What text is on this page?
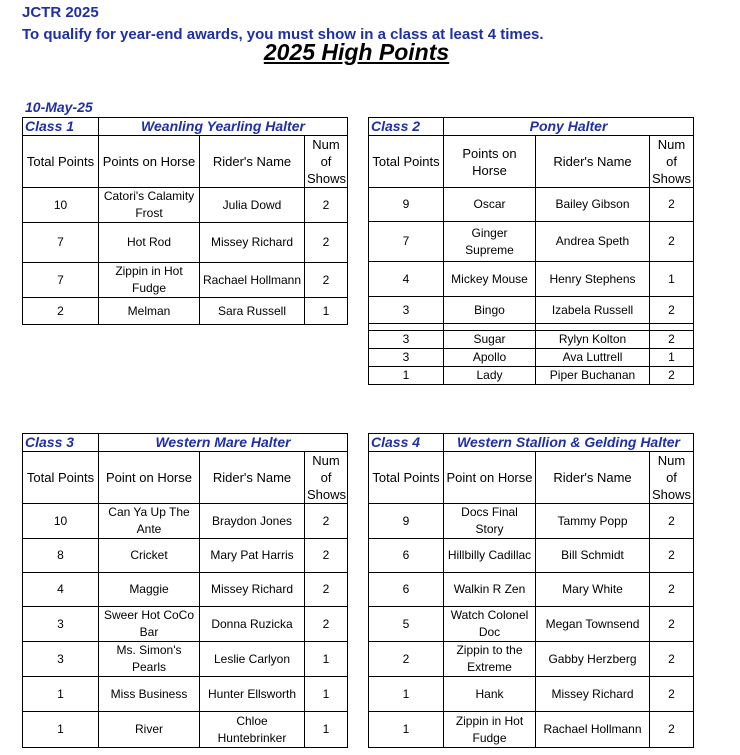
JCTR 2025
To qualify for year-end awards, you must show in a class at least 4 times.
2025 High Points
10-May-25
Class 1	Weanling Yearling Halter		
Total Points	Points on Horse	Rider's Name	Num of Shows
10	Catori's Calamity Frost	Julia Dowd	2
7	Hot Rod	Missey Richard	2
7	Zippin in Hot Fudge	Rachael Hollmann	2
2	Melman	Sara Russell	1
Class 2	Pony Halter		
Total Points	Points on Horse	Rider's Name	Num of Shows
9	Oscar	Bailey Gibson	2
7	Ginger Supreme	Andrea Speth	2
4	Mickey Mouse	Henry Stephens	1
3	Bingo	Izabela Russell	2

3	Sugar	Rylyn Kolton	2
3	Apollo	Ava Luttrell	1
1	Lady	Piper Buchanan	2
Class 3	Western Mare Halter		
Total Points	Point on Horse	Rider's Name	Num of Shows
10	Can Ya Up The Ante	Braydon Jones	2
8	Cricket	Mary Pat Harris	2
4	Maggie	Missey Richard	2
3	Sweer Hot CoCo Bar	Donna Ruzicka	2
3	Ms. Simon's Pearls	Leslie Carlyon	1
1	Miss Business	Hunter Ellsworth	1
1	River	Chloe Huntebrinker	1
Class 4	Western Stallion & Gelding Halter		
Total Points	Point on Horse	Rider's Name	Num of Shows
9	Docs Final Story	Tammy Popp	2
6	Hillbilly Cadillac	Bill Schmidt	2
6	Walkin R Zen	Mary White	2
5	Watch Colonel Doc	Megan Townsend	2
2	Zippin to the Extreme	Gabby Herzberg	2
1	Hank	Missey Richard	2
1	Zippin in Hot Fudge	Rachael Hollmann	2
